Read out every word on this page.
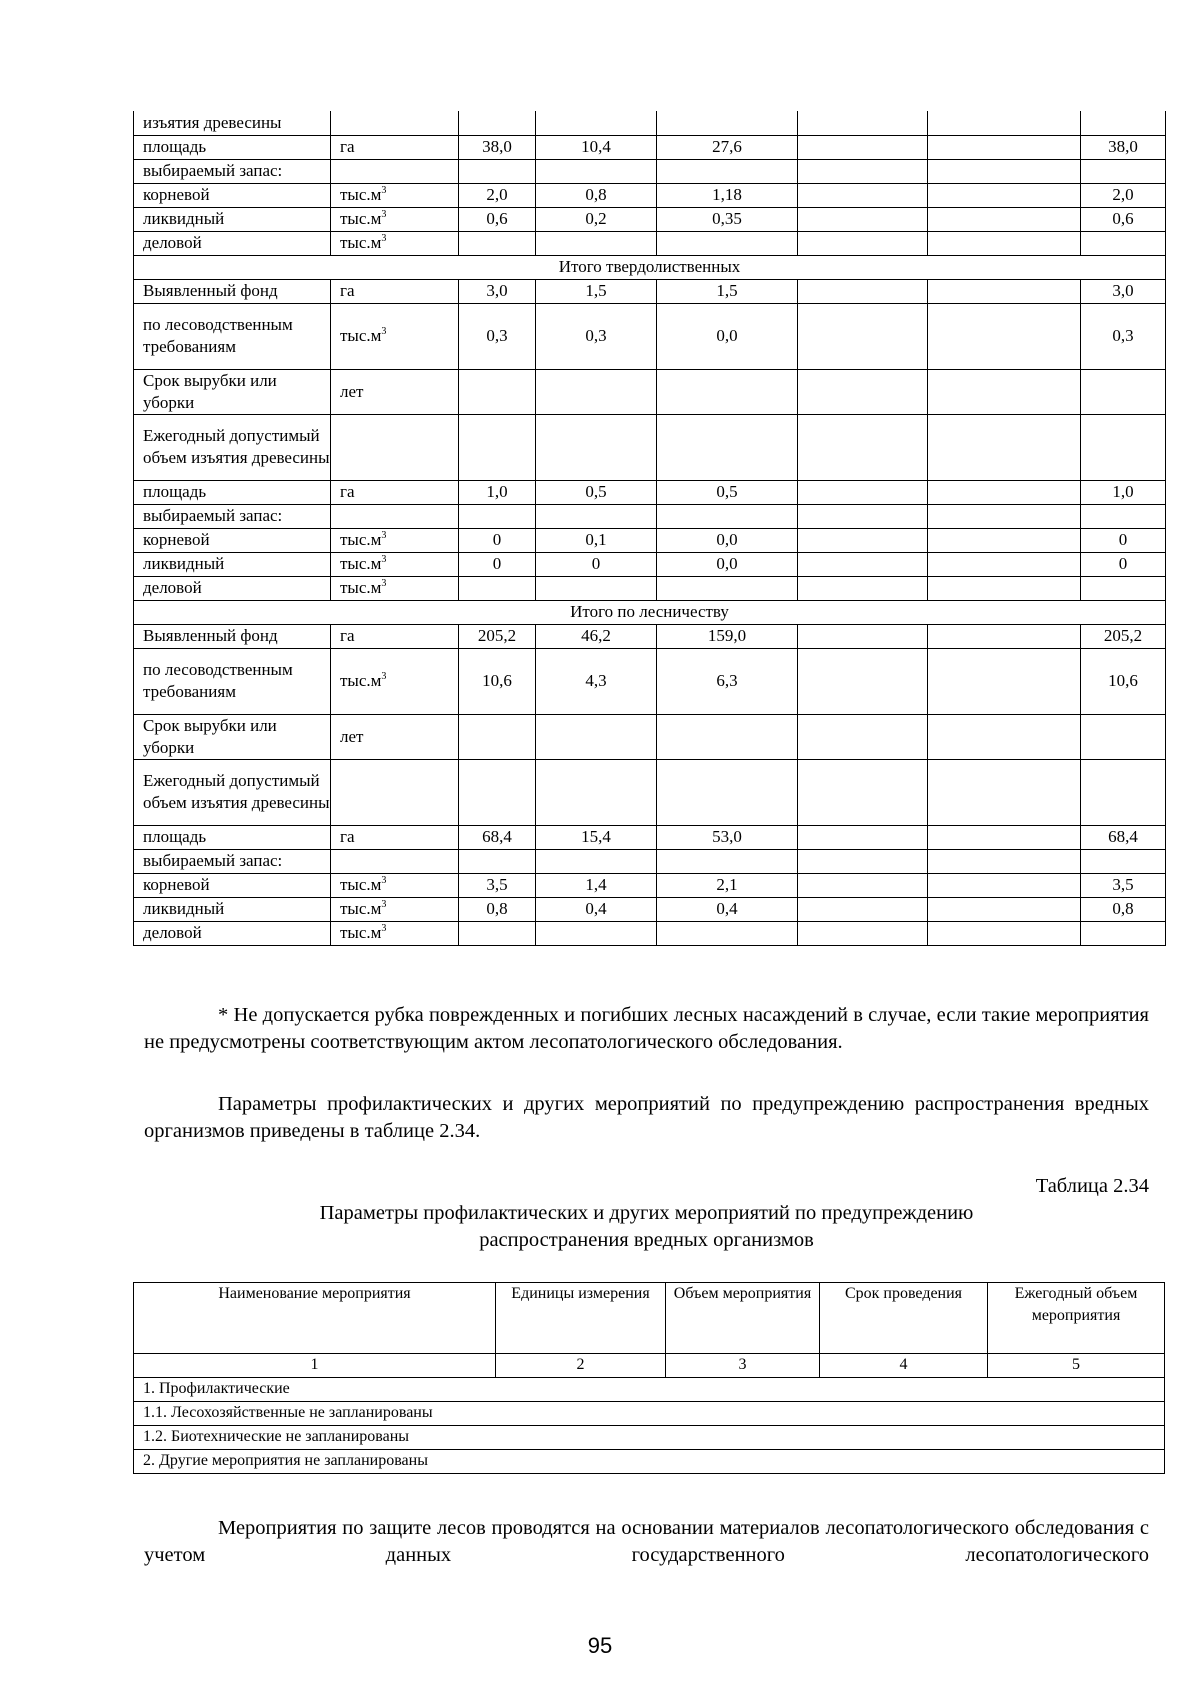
изъятия древесины							
площадь	га	38,0	10,4	27,6			38,0
выбираемый запас:							
корневой	$тыс.м^3$	2,0	0,8	1,18			2,0
ликвидный	$тыс.м^3$	0,6	0,2	0,35			0,6
деловой	$тыс.м^3$						
Итого твердолиственных							
Выявленный фонд	га	3,0	1,5	1,5			3,0
по лесоводственным требованиям	$тыс.м^3$	0,3	0,3	0,0			0,3
Срок вырубки или уборки	лет						
Ежегодный допустимый объем изъятия древесины							
площадь	га	1,0	0,5	0,5			1,0
выбираемый запас:							
корневой	$тыс.м^3$	0	0,1	0,0			0
ликвидный	$тыс.м^3$	0	0	0,0			0
деловой	$тыс.м^3$						
Итого по лесничеству							
Выявленный фонд	га	205,2	46,2	159,0			205,2
по лесоводственным требованиям	$тыс.м^3$	10,6	4,3	6,3			10,6
Срок вырубки или уборки	лет						
Ежегодный допустимый объем изъятия древесины							
площадь	га	68,4	15,4	53,0			68,4
выбираемый запас:							
корневой	$тыс.м^3$	3,5	1,4	2,1			3,5
ликвидный	$тыс.м^3$	0,8	0,4	0,4			0,8
деловой	$тыс.м^3$						

* Не допускается рубка поврежденных и погибших лесных насаждений в случае, если такие мероприятия не предусмотрены соответствующим актом лесопатологического обследования.

Параметры профилактических и других мероприятий по предупреждению распространения вредных организмов приведены в таблице 2.34.

Таблица 2.34

Параметры профилактических и других мероприятий по предупреждению
распространения вредных организмов
Наименование мероприятия	Единицы измерения	Объем мероприятия	Срок проведения	Ежегодный объем мероприятия
1	2	3	4	5
1. Профилактические				
1.1. Лесохозяйственные не запланированы				
1.2. Биотехнические не запланированы				
2. Другие мероприятия не запланированы				

Мероприятия по защите лесов проводятся на основании материалов лесопатологического обследования с учетом данных государственного лесопатологического

95
